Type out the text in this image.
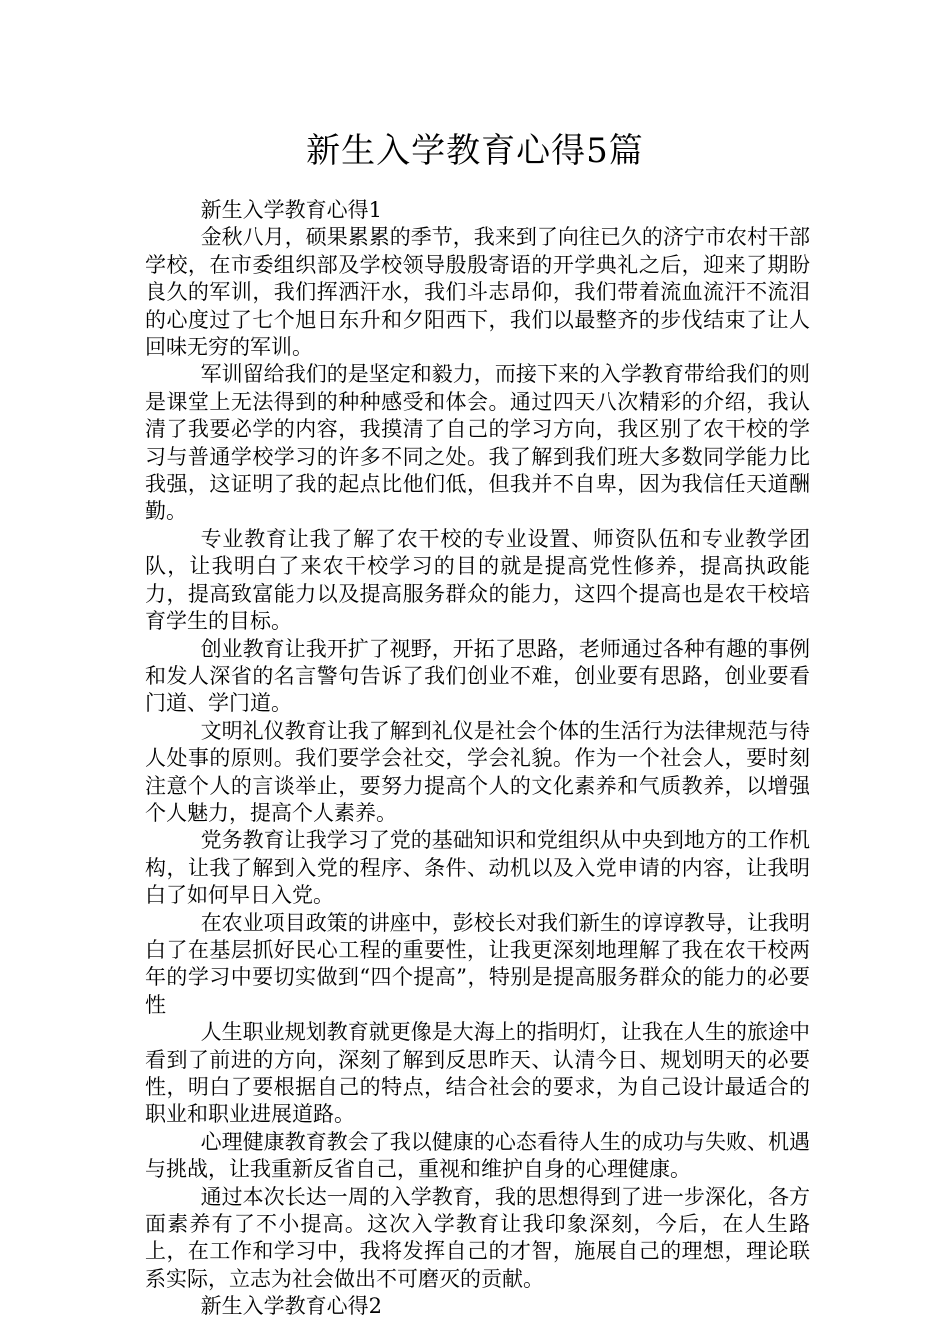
新生入学教育心得5篇

新生入学教育心得1

金秋八月，硕果累累的季节，我来到了向往已久的济宁市农村干部学校，在市委组织部及学校领导殷殷寄语的开学典礼之后，迎来了期盼良久的军训，我们挥洒汗水，我们斗志昂仰，我们带着流血流汗不流泪的心度过了七个旭日东升和夕阳西下，我们以最整齐的步伐结束了让人回味无穷的军训。

军训留给我们的是坚定和毅力，而接下来的入学教育带给我们的则是课堂上无法得到的种种感受和体会。通过四天八次精彩的介绍，我认清了我要必学的内容，我摸清了自己的学习方向，我区别了农干校的学习与普通学校学习的许多不同之处。我了解到我们班大多数同学能力比我强，这证明了我的起点比他们低，但我并不自卑，因为我信任天道酬勤。

专业教育让我了解了农干校的专业设置、师资队伍和专业教学团队，让我明白了来农干校学习的目的就是提高党性修养，提高执政能力，提高致富能力以及提高服务群众的能力，这四个提高也是农干校培育学生的目标。

创业教育让我开扩了视野，开拓了思路，老师通过各种有趣的事例和发人深省的名言警句告诉了我们创业不难，创业要有思路，创业要看门道、学门道。

文明礼仪教育让我了解到礼仪是社会个体的生活行为法律规范与待人处事的原则。我们要学会社交，学会礼貌。作为一个社会人，要时刻注意个人的言谈举止，要努力提高个人的文化素养和气质教养，以增强个人魅力，提高个人素养。

党务教育让我学习了党的基础知识和党组织从中央到地方的工作机构，让我了解到入党的程序、条件、动机以及入党申请的内容，让我明白了如何早日入党。

在农业项目政策的讲座中，彭校长对我们新生的谆谆教导，让我明白了在基层抓好民心工程的重要性，让我更深刻地理解了我在农干校两年的学习中要切实做到“四个提高”，特别是提高服务群众的能力的必要性

人生职业规划教育就更像是大海上的指明灯，让我在人生的旅途中看到了前进的方向，深刻了解到反思昨天、认清今日、规划明天的必要性，明白了要根据自己的特点，结合社会的要求，为自己设计最适合的职业和职业进展道路。

心理健康教育教会了我以健康的心态看待人生的成功与失败、机遇与挑战，让我重新反省自己，重视和维护自身的心理健康。

通过本次长达一周的入学教育，我的思想得到了进一步深化，各方面素养有了不小提高。这次入学教育让我印象深刻，今后，在人生路上，在工作和学习中，我将发挥自己的才智，施展自己的理想，理论联系实际，立志为社会做出不可磨灭的贡献。

新生入学教育心得2
